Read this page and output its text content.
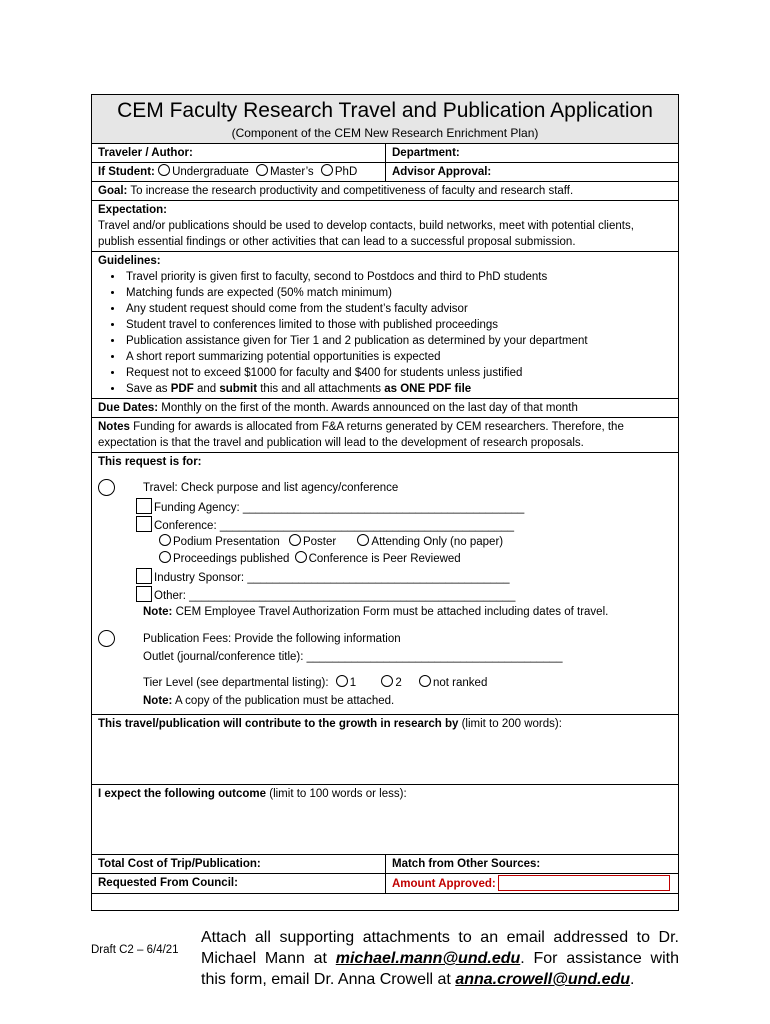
CEM Faculty Research Travel and Publication Application
(Component of the CEM New Research Enrichment Plan)
Traveler / Author:	Department:
If Student: Undergraduate Master’s PhD	Advisor Approval:
Goal: To increase the research productivity and competitiveness of faculty and research staff.
Expectation:
Travel and/or publications should be used to develop contacts, build networks, meet with potential clients, publish essential findings or other activities that can lead to a successful proposal submission.
Guidelines:
• Travel priority is given first to faculty, second to Postdocs and third to PhD students
• Matching funds are expected (50% match minimum)
• Any student request should come from the student’s faculty advisor
• Student travel to conferences limited to those with published proceedings
• Publication assistance given for Tier 1 and 2 publication as determined by your department
• A short report summarizing potential opportunities is expected
• Request not to exceed $1000 for faculty and $400 for students unless justified
• Save as PDF and submit this and all attachments as ONE PDF file
Due Dates: Monthly on the first of the month. Awards announced on the last day of that month
Notes Funding for awards is allocated from F&A returns generated by CEM researchers. Therefore, the expectation is that the travel and publication will lead to the development of research proposals.
This request is for:
Travel: Check purpose and list agency/conference
Funding Agency: ____________________________________________
Conference: ______________________________________________
Podium Presentation Poster	Attending Only (no paper)
Proceedings published Conference is Peer Reviewed
Industry Sponsor: _________________________________________
Other: ___________________________________________________
Note: CEM Employee Travel Authorization Form must be attached including dates of travel.
Publication Fees: Provide the following information
Outlet (journal/conference title): ________________________________________
Tier Level (see departmental listing): 1	2	not ranked
Note: A copy of the publication must be attached.
This travel/publication will contribute to the growth in research by (limit to 200 words):
I expect the following outcome (limit to 100 words or less):
Total Cost of Trip/Publication:	Match from Other Sources:
Requested From Council:	Amount Approved:
Draft C2 – 6/4/21
Attach all supporting attachments to an email addressed to Dr. Michael Mann at michael.mann@und.edu. For assistance with this form, email Dr. Anna Crowell at anna.crowell@und.edu.
